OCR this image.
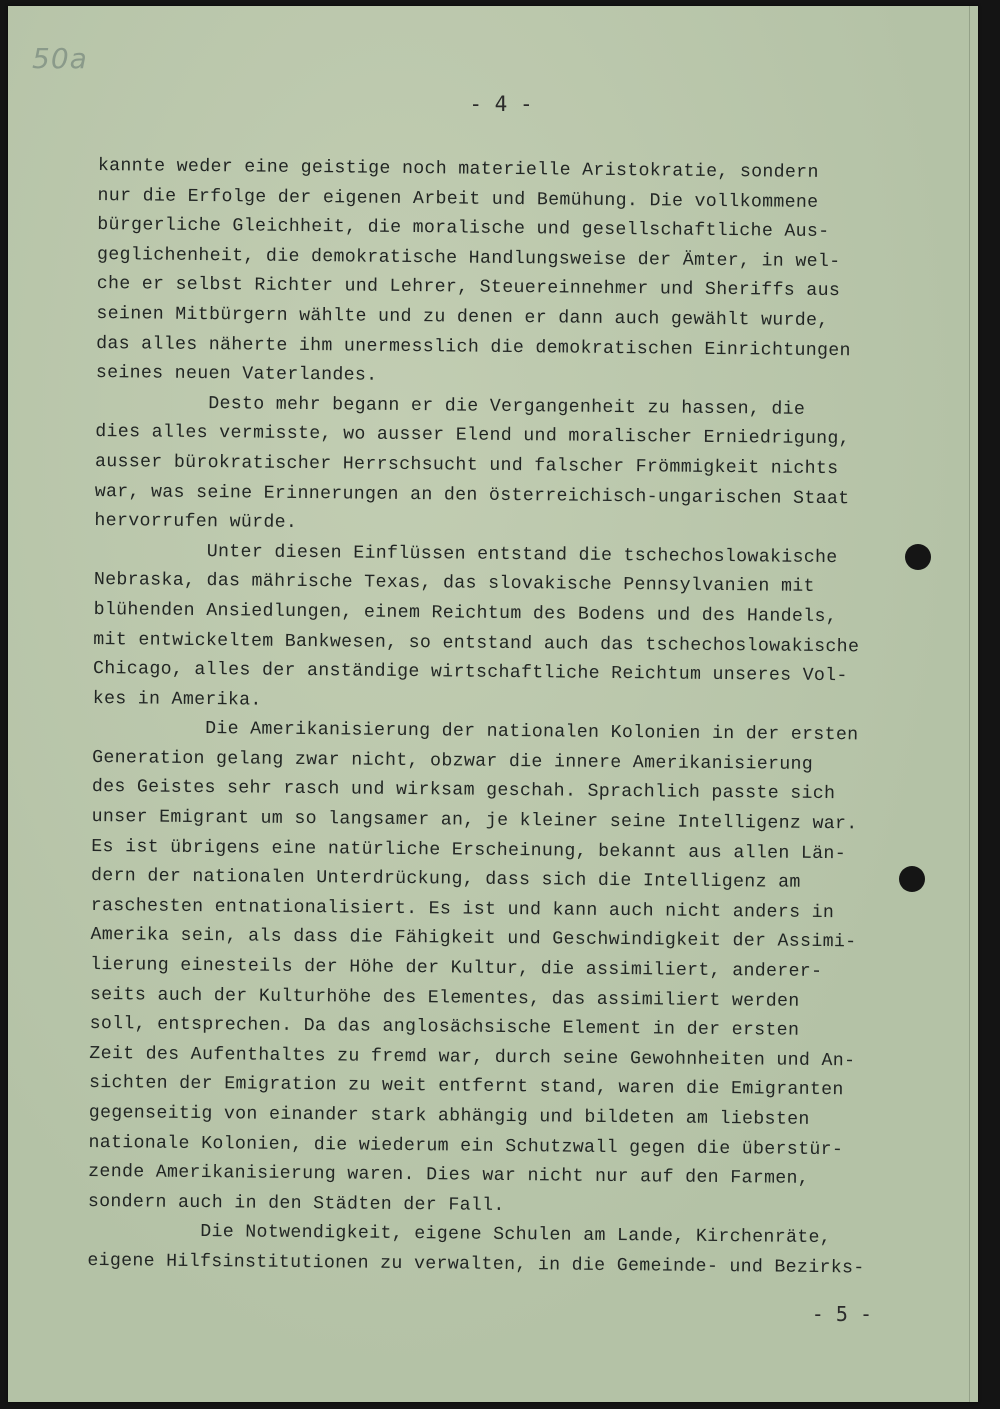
50a
- 4 -
kannte weder eine geistige noch materielle Aristokratie, sondern
nur die Erfolge der eigenen Arbeit und Bemühung. Die vollkommene
bürgerliche Gleichheit, die moralische und gesellschaftliche Aus-
geglichenheit, die demokratische Handlungsweise der Ämter, in wel-
che er selbst Richter und Lehrer, Steuereinnehmer und Sheriffs aus
seinen Mitbürgern wählte und zu denen er dann auch gewählt wurde,
das alles näherte ihm unermesslich die demokratischen Einrichtungen
seines neuen Vaterlandes.
Desto mehr begann er die Vergangenheit zu hassen, die
dies alles vermisste, wo ausser Elend und moralischer Erniedrigung,
ausser bürokratischer Herrschsucht und falscher Frömmigkeit nichts
war, was seine Erinnerungen an den österreichisch-ungarischen Staat
hervorrufen würde.
Unter diesen Einflüssen entstand die tschechoslowakische
Nebraska, das mährische Texas, das slovakische Pennsylvanien mit
blühenden Ansiedlungen, einem Reichtum des Bodens und des Handels,
mit entwickeltem Bankwesen, so entstand auch das tschechoslowakische
Chicago, alles der anständige wirtschaftliche Reichtum unseres Vol-
kes in Amerika.
Die Amerikanisierung der nationalen Kolonien in der ersten
Generation gelang zwar nicht, obzwar die innere Amerikanisierung
des Geistes sehr rasch und wirksam geschah. Sprachlich passte sich
unser Emigrant um so langsamer an, je kleiner seine Intelligenz war.
Es ist übrigens eine natürliche Erscheinung, bekannt aus allen Län-
dern der nationalen Unterdrückung, dass sich die Intelligenz am
raschesten entnationalisiert. Es ist und kann auch nicht anders in
Amerika sein, als dass die Fähigkeit und Geschwindigkeit der Assimi-
lierung einesteils der Höhe der Kultur, die assimiliert, anderer-
seits auch der Kulturhöhe des Elementes, das assimiliert werden
soll, entsprechen. Da das anglosächsische Element in der ersten
Zeit des Aufenthaltes zu fremd war, durch seine Gewohnheiten und An-
sichten der Emigration zu weit entfernt stand, waren die Emigranten
gegenseitig von einander stark abhängig und bildeten am liebsten
nationale Kolonien, die wiederum ein Schutzwall gegen die überstür-
zende Amerikanisierung waren. Dies war nicht nur auf den Farmen,
sondern auch in den Städten der Fall.
Die Notwendigkeit, eigene Schulen am Lande, Kirchenräte,
eigene Hilfsinstitutionen zu verwalten, in die Gemeinde- und Bezirks-
- 5 -
